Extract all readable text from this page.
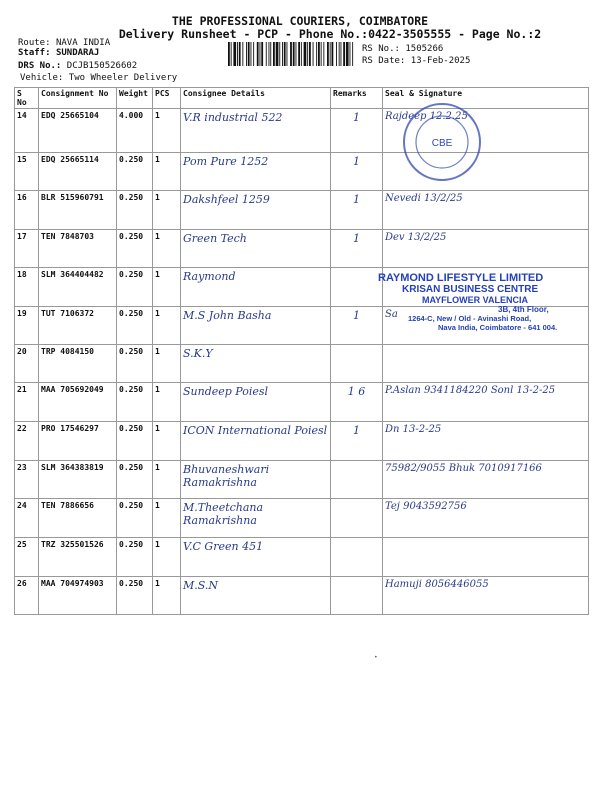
THE PROFESSIONAL COURIERS, COIMBATORE
Delivery Runsheet - PCP - Phone No.:0422-3505555 - Page No.:2
Route: NAVA INDIA
Staff: SUNDARAJ
DRS No.: DCJB150526602
Vehicle: Two Wheeler Delivery
RS No.: 1505266
RS Date: 13-Feb-2025
S No	Consignment No	Weight	PCS	Consignee Details	Remarks	Seal & Signature
14	EDQ 25665104	4.000	1	V.R industrial 522	1	Rajdeep 12.2.25
15	EDQ 25665114	0.250	1	Pom Pure 1252	1	
16	BLR 515960791	0.250	1	Dakshfeel 1259	1	Nevedi 13/2/25
17	TEN 7848703	0.250	1	Green Tech	1	Dev 13/2/25
18	SLM 364404482	0.250	1	Raymond		
19	TUT 7106372	0.250	1	M.S John Basha	1	Sa
20	TRP 4084150	0.250	1	S.K.Y		
21	MAA 705692049	0.250	1	Sundeep Poiesl	1 6	P.Aslan 9341184220 Sonl 13-2-25
22	PRO 17546297	0.250	1	ICON International Poiesl	1	Dn 13-2-25
23	SLM 364383819	0.250	1	Bhuvaneshwari Ramakrishna		75982/9055 Bhuk 7010917166
24	TEN 7886656	0.250	1	M.Theetchana Ramakrishna		Tej 9043592756
25	TRZ 325501526	0.250	1	V.C Green 451		
26	MAA 704974903	0.250	1	M.S.N		Hamuji 8056446055
CBE
RAYMOND LIFESTYLE LIMITED
KRISAN BUSINESS CENTRE
MAYFLOWER VALENCIA
3B, 4th Floor,
1264-C, New / Old - Avinashi Road,
Nava India, Coimbatore - 641 004.
•
